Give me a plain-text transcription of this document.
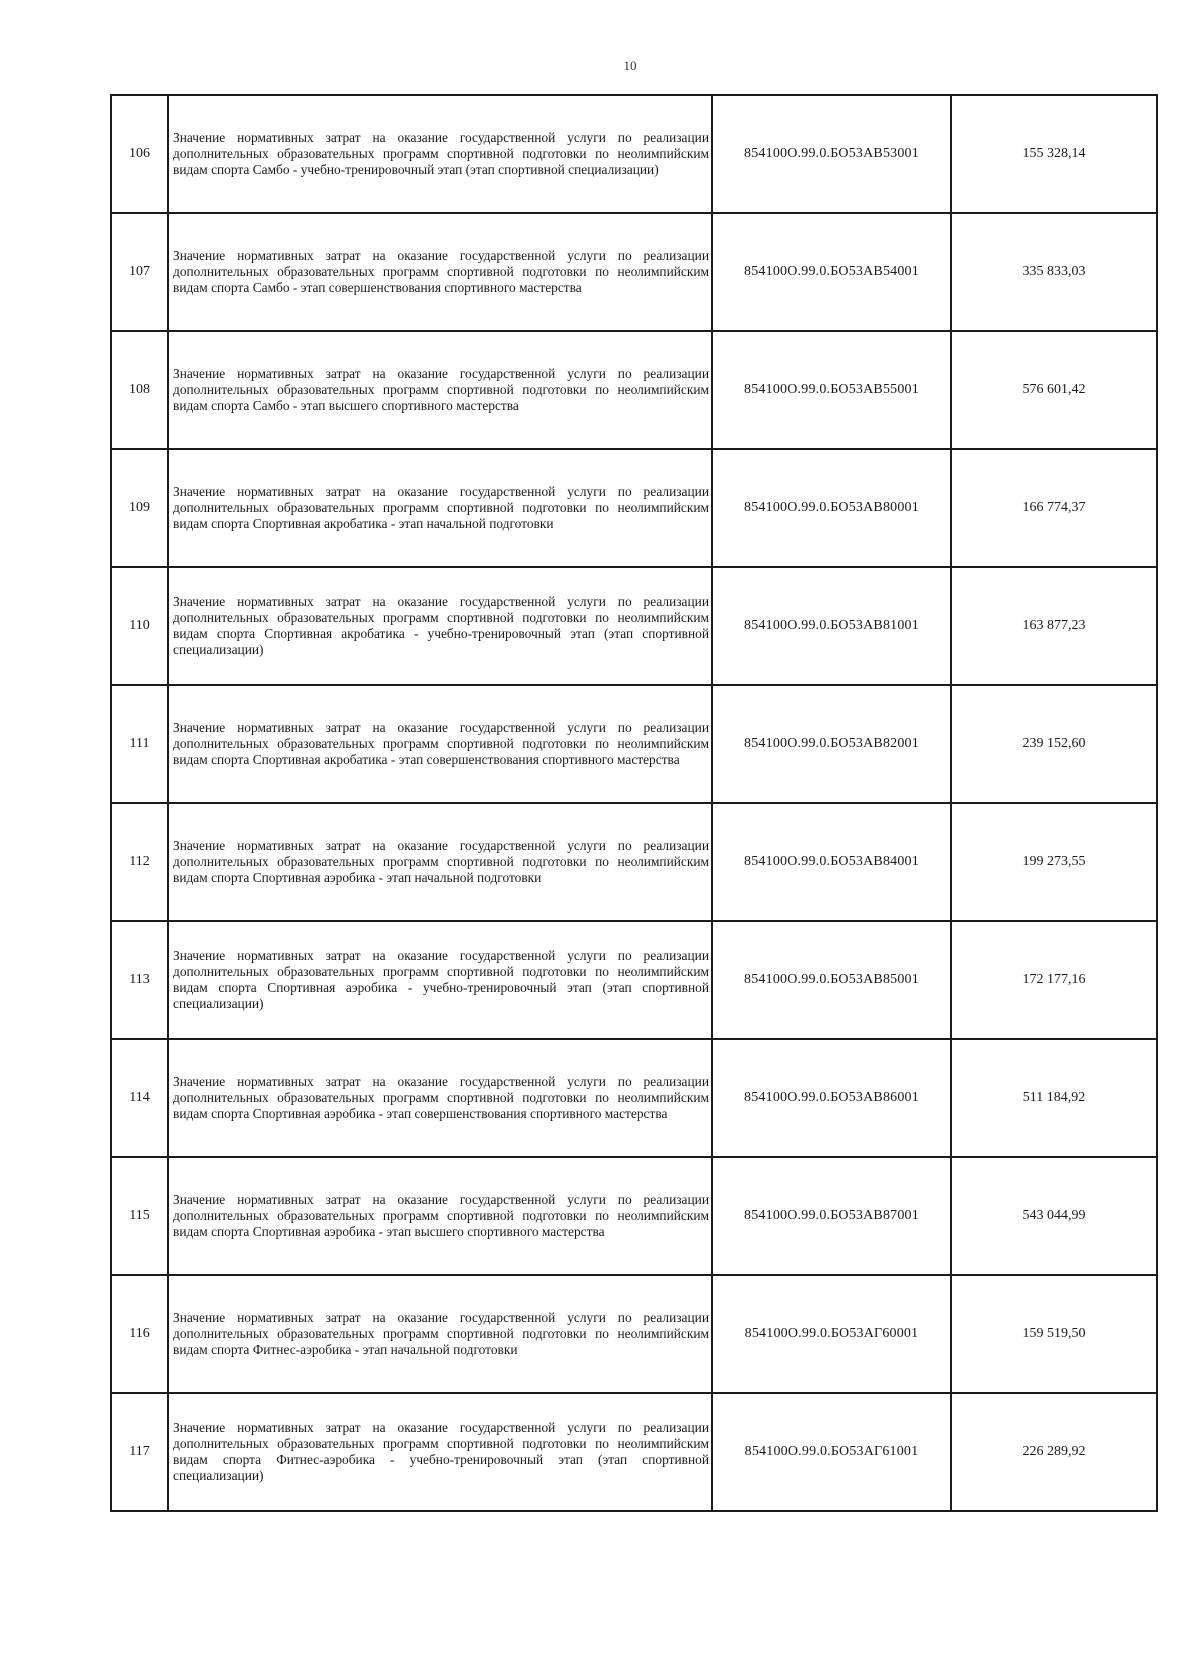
10
106	Значение нормативных затрат на оказание государственной услуги по реализации дополнительных образовательных программ спортивной подготовки по неолимпийским видам спорта Самбо - учебно-тренировочный этап (этап спортивной специализации)	854100О.99.0.БО53АВ53001	155 328,14
107	Значение нормативных затрат на оказание государственной услуги по реализации дополнительных образовательных программ спортивной подготовки по неолимпийским видам спорта Самбо - этап совершенствования спортивного мастерства	854100О.99.0.БО53АВ54001	335 833,03
108	Значение нормативных затрат на оказание государственной услуги по реализации дополнительных образовательных программ спортивной подготовки по неолимпийским видам спорта Самбо - этап высшего спортивного мастерства	854100О.99.0.БО53АВ55001	576 601,42
109	Значение нормативных затрат на оказание государственной услуги по реализации дополнительных образовательных программ спортивной подготовки по неолимпийским видам спорта Спортивная акробатика - этап начальной подготовки	854100О.99.0.БО53АВ80001	166 774,37
110	Значение нормативных затрат на оказание государственной услуги по реализации дополнительных образовательных программ спортивной подготовки по неолимпийским видам спорта Спортивная акробатика - учебно-тренировочный этап (этап спортивной специализации)	854100О.99.0.БО53АВ81001	163 877,23
111	Значение нормативных затрат на оказание государственной услуги по реализации дополнительных образовательных программ спортивной подготовки по неолимпийским видам спорта Спортивная акробатика - этап совершенствования спортивного мастерства	854100О.99.0.БО53АВ82001	239 152,60
112	Значение нормативных затрат на оказание государственной услуги по реализации дополнительных образовательных программ спортивной подготовки по неолимпийским видам спорта Спортивная аэробика - этап начальной подготовки	854100О.99.0.БО53АВ84001	199 273,55
113	Значение нормативных затрат на оказание государственной услуги по реализации дополнительных образовательных программ спортивной подготовки по неолимпийским видам спорта Спортивная аэробика - учебно-тренировочный этап (этап спортивной специализации)	854100О.99.0.БО53АВ85001	172 177,16
114	Значение нормативных затрат на оказание государственной услуги по реализации дополнительных образовательных программ спортивной подготовки по неолимпийским видам спорта Спортивная аэробика - этап совершенствования спортивного мастерства	854100О.99.0.БО53АВ86001	511 184,92
115	Значение нормативных затрат на оказание государственной услуги по реализации дополнительных образовательных программ спортивной подготовки по неолимпийским видам спорта Спортивная аэробика - этап высшего спортивного мастерства	854100О.99.0.БО53АВ87001	543 044,99
116	Значение нормативных затрат на оказание государственной услуги по реализации дополнительных образовательных программ спортивной подготовки по неолимпийским видам спорта Фитнес-аэробика - этап начальной подготовки	854100О.99.0.БО53АГ60001	159 519,50
117	Значение нормативных затрат на оказание государственной услуги по реализации дополнительных образовательных программ спортивной подготовки по неолимпийским видам спорта Фитнес-аэробика - учебно-тренировочный этап (этап спортивной специализации)	854100О.99.0.БО53АГ61001	226 289,92
